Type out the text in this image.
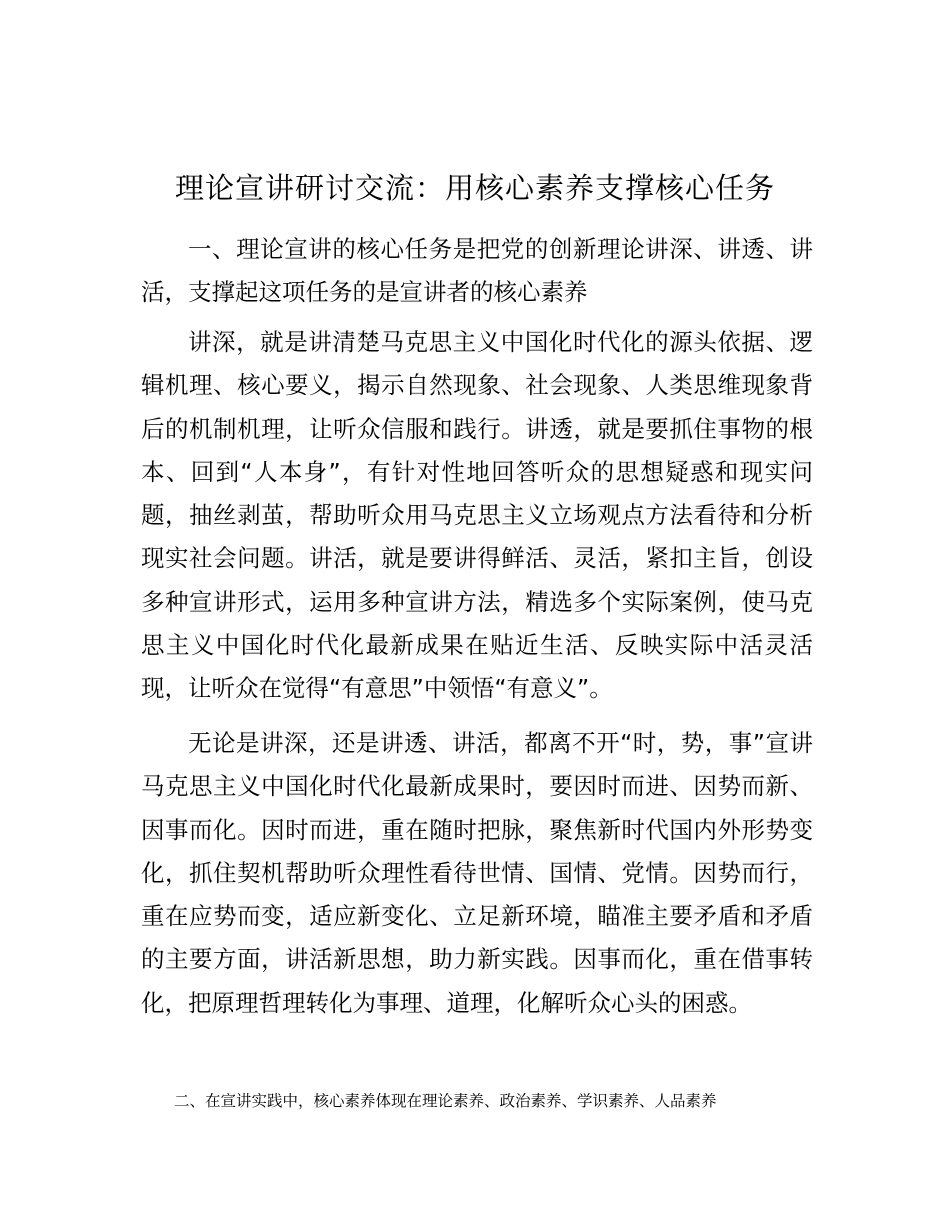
理论宣讲研讨交流：用核心素养支撑核心任务

一、理论宣讲的核心任务是把党的创新理论讲深、讲透、讲活，支撑起这项任务的是宣讲者的核心素养

讲深，就是讲清楚马克思主义中国化时代化的源头依据、逻辑机理、核心要义，揭示自然现象、社会现象、人类思维现象背后的机制机理，让听众信服和践行。讲透，就是要抓住事物的根本、回到“人本身”，有针对性地回答听众的思想疑惑和现实问题，抽丝剥茧，帮助听众用马克思主义立场观点方法看待和分析现实社会问题。讲活，就是要讲得鲜活、灵活，紧扣主旨，创设多种宣讲形式，运用多种宣讲方法，精选多个实际案例，使马克思主义中国化时代化最新成果在贴近生活、反映实际中活灵活现，让听众在觉得“有意思”中领悟“有意义”。

无论是讲深，还是讲透、讲活，都离不开“时，势，事”宣讲马克思主义中国化时代化最新成果时，要因时而进、因势而新、因事而化。因时而进，重在随时把脉，聚焦新时代国内外形势变化，抓住契机帮助听众理性看待世情、国情、党情。因势而行，重在应势而变，适应新变化、立足新环境，瞄准主要矛盾和矛盾的主要方面，讲活新思想，助力新实践。因事而化，重在借事转化，把原理哲理转化为事理、道理，化解听众心头的困惑。

二、在宣讲实践中，核心素养体现在理论素养、政治素养、学识素养、人品素养
